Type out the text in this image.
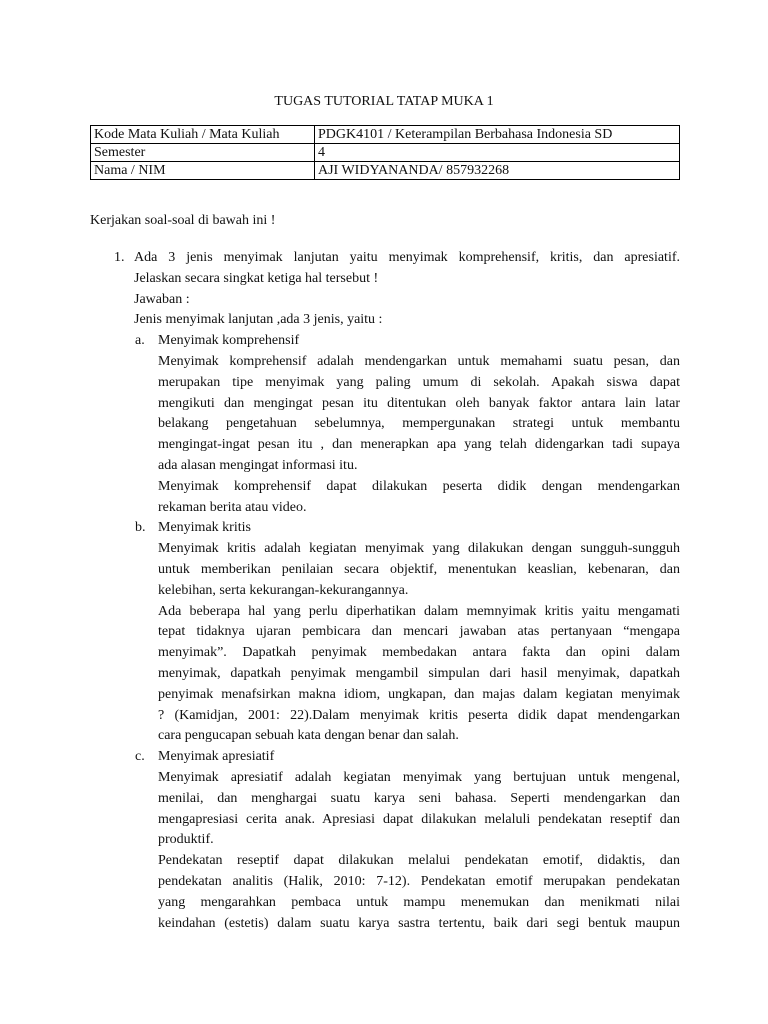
TUGAS TUTORIAL TATAP MUKA 1
Kode Mata Kuliah / Mata Kuliah	PDGK4101 / Keterampilan Berbahasa Indonesia SD
Semester	4
Nama / NIM	AJI WIDYANANDA/ 857932268
Kerjakan soal-soal di bawah ini !
1. Ada 3 jenis menyimak lanjutan yaitu menyimak komprehensif, kritis, dan apresiatif.
Jelaskan secara singkat ketiga hal tersebut !
Jawaban :
Jenis menyimak lanjutan ,ada 3 jenis, yaitu :
a. Menyimak komprehensif
Menyimak komprehensif adalah mendengarkan untuk memahami suatu pesan, dan
merupakan tipe menyimak yang paling umum di sekolah. Apakah siswa dapat
mengikuti dan mengingat pesan itu ditentukan oleh banyak faktor antara lain latar
belakang pengetahuan sebelumnya, mempergunakan strategi untuk membantu
mengingat-ingat pesan itu , dan menerapkan apa yang telah didengarkan tadi supaya
ada alasan mengingat informasi itu.
Menyimak komprehensif dapat dilakukan peserta didik dengan mendengarkan
rekaman berita atau video.
b. Menyimak kritis
Menyimak kritis adalah kegiatan menyimak yang dilakukan dengan sungguh-sungguh
untuk memberikan penilaian secara objektif, menentukan keaslian, kebenaran, dan
kelebihan, serta kekurangan-kekurangannya.
Ada beberapa hal yang perlu diperhatikan dalam memnyimak kritis yaitu mengamati
tepat tidaknya ujaran pembicara dan mencari jawaban atas pertanyaan “mengapa
menyimak”. Dapatkah penyimak membedakan antara fakta dan opini dalam
menyimak, dapatkah penyimak mengambil simpulan dari hasil menyimak, dapatkah
penyimak menafsirkan makna idiom, ungkapan, dan majas dalam kegiatan menyimak
? (Kamidjan, 2001: 22).Dalam menyimak kritis peserta didik dapat mendengarkan
cara pengucapan sebuah kata dengan benar dan salah.
c. Menyimak apresiatif
Menyimak apresiatif adalah kegiatan menyimak yang bertujuan untuk mengenal,
menilai, dan menghargai suatu karya seni bahasa. Seperti mendengarkan dan
mengapresiasi cerita anak. Apresiasi dapat dilakukan melaluli pendekatan reseptif dan
produktif.
Pendekatan reseptif dapat dilakukan melalui pendekatan emotif, didaktis, dan
pendekatan analitis (Halik, 2010: 7-12). Pendekatan emotif merupakan pendekatan
yang mengarahkan pembaca untuk mampu menemukan dan menikmati nilai
keindahan (estetis) dalam suatu karya sastra tertentu, baik dari segi bentuk maupun
